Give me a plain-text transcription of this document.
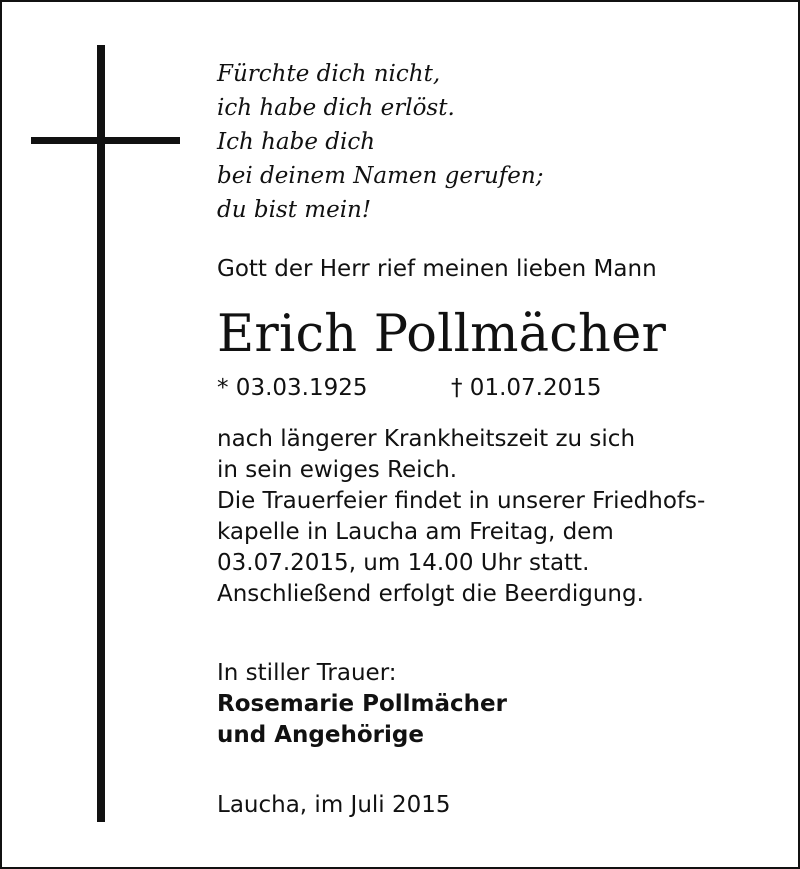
Fürchte dich nicht,
ich habe dich erlöst.
Ich habe dich
bei deinem Namen gerufen;
du bist mein!
Gott der Herr rief meinen lieben Mann
Erich Pollmächer
* 03.03.1925	† 01.07.2015
nach längerer Krankheitszeit zu sich
in sein ewiges Reich.
Die Trauerfeier findet in unserer Friedhofs-
kapelle in Laucha am Freitag, dem
03.07.2015, um 14.00 Uhr statt.
Anschließend erfolgt die Beerdigung.
In stiller Trauer:
Rosemarie Pollmächer
und Angehörige
Laucha, im Juli 2015
